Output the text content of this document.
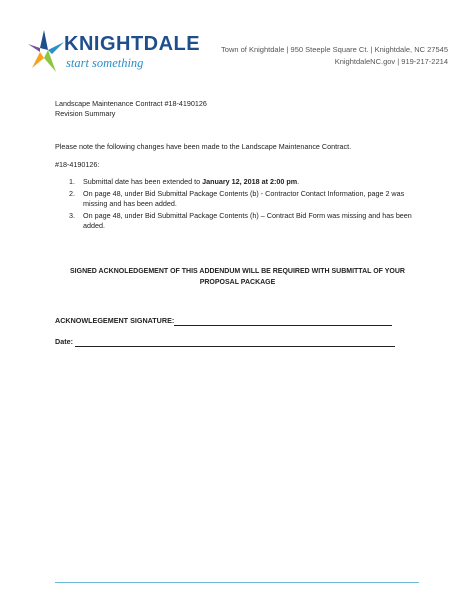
KNIGHTDALE
start something
Town of Knightdale | 950 Steeple Square Ct. | Knightdale, NC 27545
KnightdaleNC.gov | 919-217-2214
Landscape Maintenance Contract #18-4190126
Revision Summary
Please note the following changes have been made to the Landscape Maintenance Contract.
#18-4190126:
1. Submittal date has been extended to January 12, 2018 at 2:00 pm.
2. On page 48, under Bid Submittal Package Contents (b) - Contractor Contact Information, page 2 was missing and has been added.
3. On page 48, under Bid Submittal Package Contents (h) – Contract Bid Form was missing and has been added.
SIGNED ACKNOLEDGEMENT OF THIS ADDENDUM WILL BE REQUIRED WITH SUBMITTAL OF YOUR
PROPOSAL PACKAGE
ACKNOWLEGEMENT SIGNATURE:
Date:
